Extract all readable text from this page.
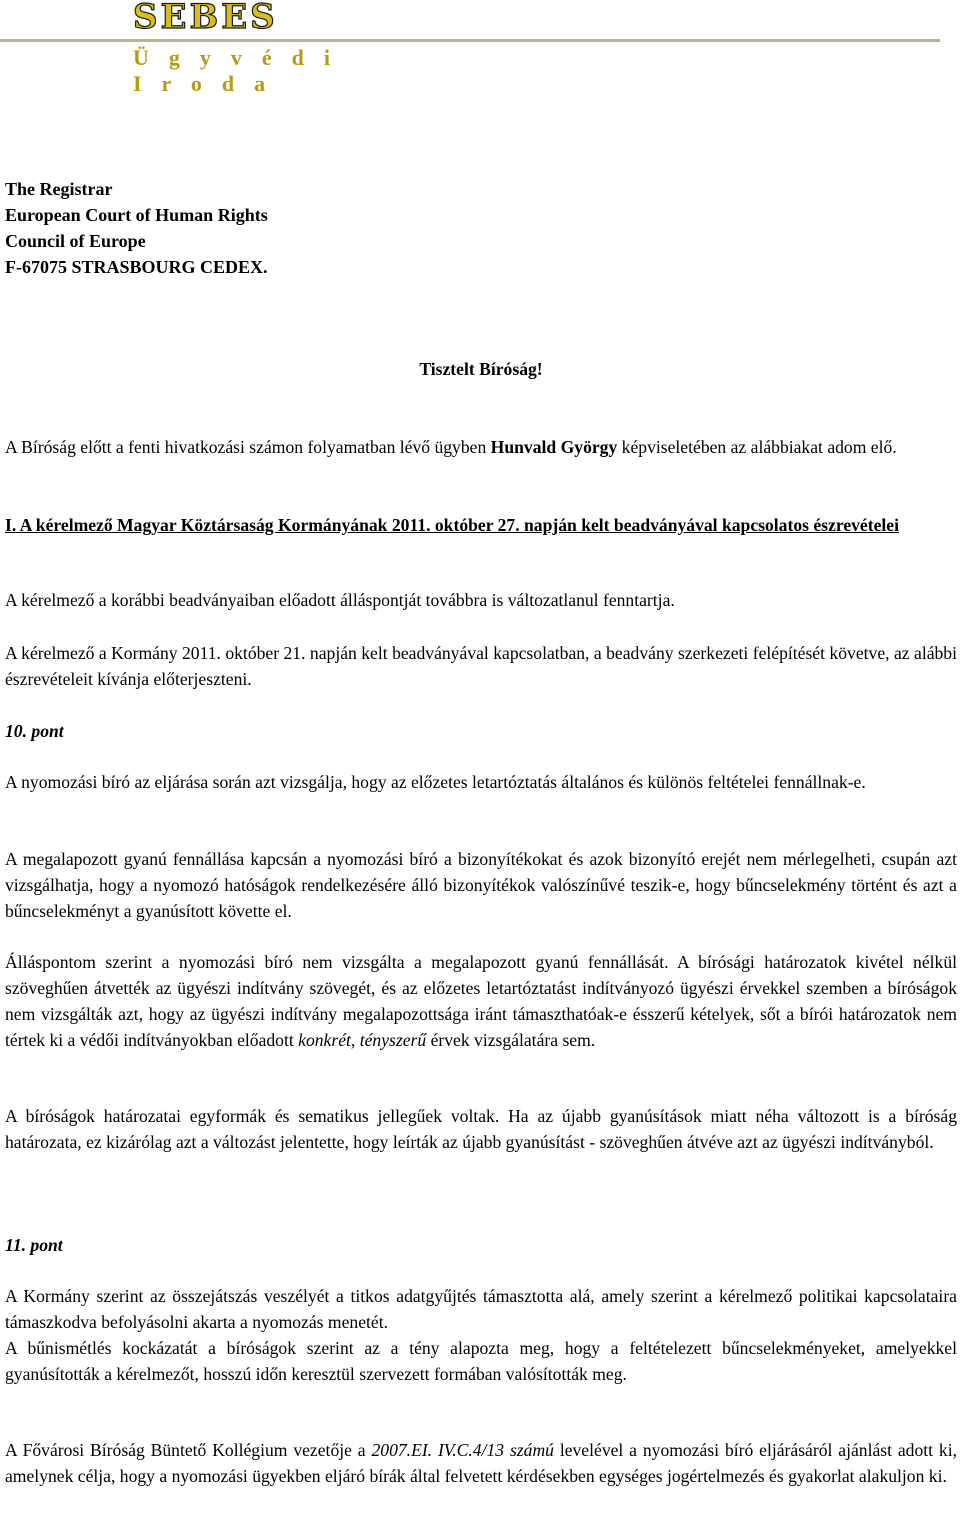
SEBES
Ügyvédi
Iroda
The Registrar
European Court of Human Rights
Council of Europe
F-67075 STRASBOURG CEDEX.
Tisztelt Bíróság!
A Bíróság előtt a fenti hivatkozási számon folyamatban lévő ügyben Hunvald György képviseletében az alábbiakat adom elő.
I. A kérelmező Magyar Köztársaság Kormányának 2011. október 27. napján kelt beadványával kapcsolatos észrevételei
A kérelmező a korábbi beadványaiban előadott álláspontját továbbra is változatlanul fenntartja.
A kérelmező a Kormány 2011. október 21. napján kelt beadványával kapcsolatban, a beadvány szerkezeti felépítését követve, az alábbi észrevételeit kívánja előterjeszteni.
10. pont
A nyomozási bíró az eljárása során azt vizsgálja, hogy az előzetes letartóztatás általános és különös feltételei fennállnak-e.
A megalapozott gyanú fennállása kapcsán a nyomozási bíró a bizonyítékokat és azok bizonyító erejét nem mérlegelheti, csupán azt vizsgálhatja, hogy a nyomozó hatóságok rendelkezésére álló bizonyítékok valószínűvé teszik-e, hogy bűncselekmény történt és azt a bűncselekményt a gyanúsított követte el.
Álláspontom szerint a nyomozási bíró nem vizsgálta a megalapozott gyanú fennállását. A bírósági határozatok kivétel nélkül szöveghűen átvették az ügyészi indítvány szövegét, és az előzetes letartóztatást indítványozó ügyészi érvekkel szemben a bíróságok nem vizsgálták azt, hogy az ügyészi indítvány megalapozottsága iránt támaszthatóak-e ésszerű kételyek, sőt a bírói határozatok nem tértek ki a védői indítványokban előadott konkrét, tényszerű érvek vizsgálatára sem.
A bíróságok határozatai egyformák és sematikus jellegűek voltak. Ha az újabb gyanúsítások miatt néha változott is a bíróság határozata, ez kizárólag azt a változást jelentette, hogy leírták az újabb gyanúsítást - szöveghűen átvéve azt az ügyészi indítványból.
11. pont
A Kormány szerint az összejátszás veszélyét a titkos adatgyűjtés támasztotta alá, amely szerint a kérelmező politikai kapcsolataira támaszkodva befolyásolni akarta a nyomozás menetét.
A bűnismétlés kockázatát a bíróságok szerint az a tény alapozta meg, hogy a feltételezett bűncselekményeket, amelyekkel gyanúsították a kérelmezőt, hosszú időn keresztül szervezett formában valósították meg.
A Fővárosi Bíróság Büntető Kollégium vezetője a 2007.EI. IV.C.4/13 számú levelével a nyomozási bíró eljárásáról ajánlást adott ki, amelynek célja, hogy a nyomozási ügyekben eljáró bírák által felvetett kérdésekben egységes jogértelmezés és gyakorlat alakuljon ki.
